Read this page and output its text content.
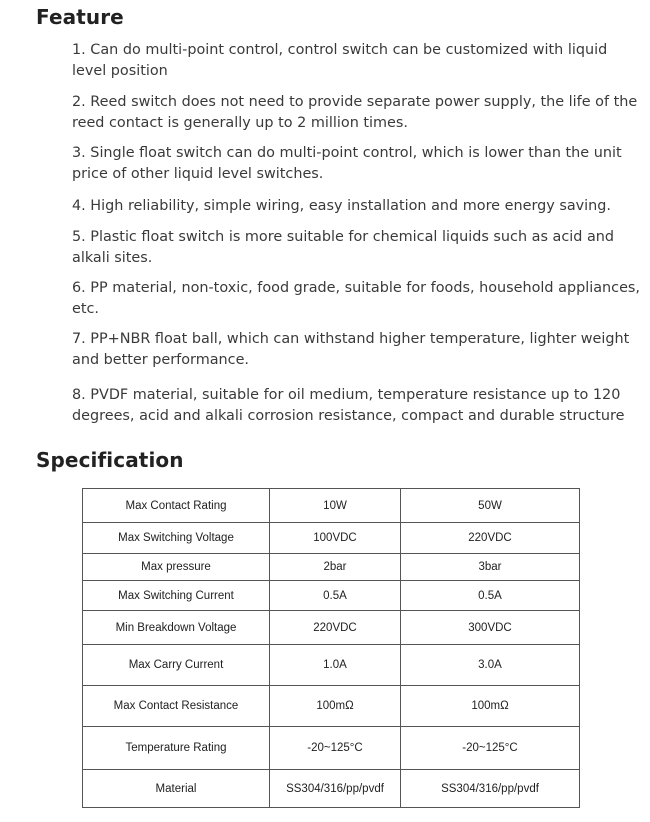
Feature
1. Can do multi-point control, control switch can be customized with liquid level position
2. Reed switch does not need to provide separate power supply, the life of the reed contact is generally up to 2 million times.
3. Single float switch can do multi-point control, which is lower than the unit price of other liquid level switches.
4. High reliability, simple wiring, easy installation and more energy saving.
5. Plastic float switch is more suitable for chemical liquids such as acid and alkali sites.
6. PP material, non-toxic, food grade, suitable for foods, household appliances, etc.
7. PP+NBR float ball, which can withstand higher temperature, lighter weight and better performance.
8. PVDF material, suitable for oil medium, temperature resistance up to 120 degrees, acid and alkali corrosion resistance, compact and durable structure
Specification
Max Contact Rating	10W	50W
Max Switching Voltage	100VDC	220VDC
Max pressure	2bar	3bar
Max Switching Current	0.5A	0.5A
Min Breakdown Voltage	220VDC	300VDC
Max Carry Current	1.0A	3.0A
Max Contact Resistance	100mΩ	100mΩ
Temperature Rating	-20~125°C	-20~125°C
Material	SS304/316/pp/pvdf	SS304/316/pp/pvdf
